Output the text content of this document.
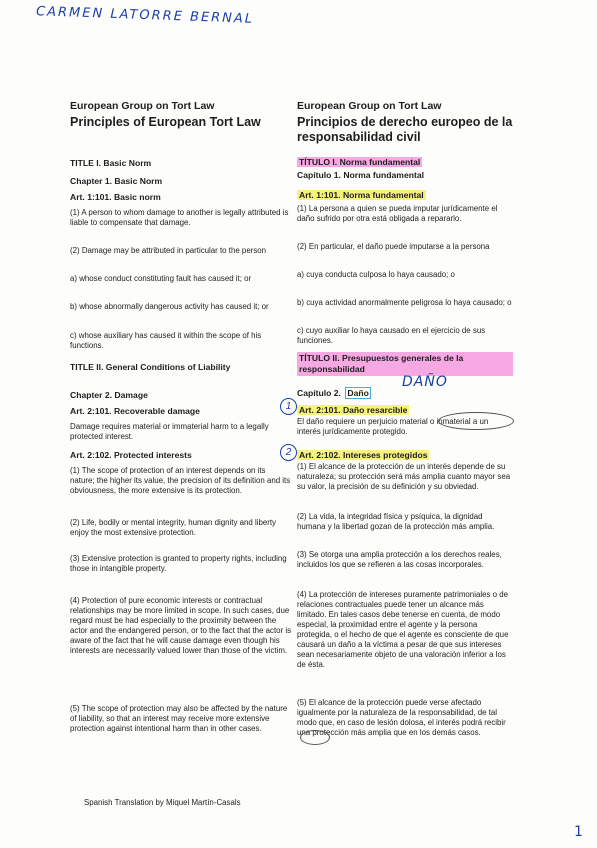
CARMEN LATORRE BERNAL
European Group on Tort Law
Principles of European Tort Law
TITLE I. Basic Norm
Chapter 1. Basic Norm
Art. 1:101. Basic norm
(1) A person to whom damage to another is legally attributed is liable to compensate that damage.
(2) Damage may be attributed in particular to the person
a) whose conduct constituting fault has caused it; or
b) whose abnormally dangerous activity has caused it; or
c) whose auxiliary has caused it within the scope of his functions.
TITLE II. General Conditions of Liability
Chapter 2. Damage
Art. 2:101. Recoverable damage
Damage requires material or immaterial harm to a legally protected interest.
Art. 2:102. Protected interests
(1) The scope of protection of an interest depends on its nature; the higher its value, the precision of its definition and its obviousness, the more extensive is its protection.
(2) Life, bodily or mental integrity, human dignity and liberty enjoy the most extensive protection.
(3) Extensive protection is granted to property rights, including those in intangible property.
(4) Protection of pure economic interests or contractual relationships may be more limited in scope. In such cases, due regard must be had especially to the proximity between the actor and the endangered person, or to the fact that the actor is aware of the fact that he will cause damage even though his interests are necessarily valued lower than those of the victim.
(5) The scope of protection may also be affected by the nature of liability, so that an interest may receive more extensive protection against intentional harm than in other cases.
European Group on Tort Law
Principios de derecho europeo de la responsabilidad civil
TÍTULO I. Norma fundamental
Capítulo 1. Norma fundamental
Art. 1:101. Norma fundamental
(1) La persona a quien se pueda imputar jurídicamente el daño sufrido por otra está obligada a repararlo.
(2) En particular, el daño puede imputarse a la persona
a) cuya conducta culposa lo haya causado; o
b) cuya actividad anormalmente peligrosa lo haya causado; o
c) cuyo auxiliar lo haya causado en el ejercicio de sus funciones.
TÍTULO II. Presupuestos generales de la responsabilidad
Capítulo 2. Daño
Art. 2:101. Daño resarcible
El daño requiere un perjuicio material o inmaterial a un interés jurídicamente protegido.
Art. 2:102. Intereses protegidos
(1) El alcance de la protección de un interés depende de su naturaleza; su protección será más amplia cuanto mayor sea su valor, la precisión de su definición y su obviedad.
(2) La vida, la integridad física y psíquica, la dignidad humana y la libertad gozan de la protección más amplia.
(3) Se otorga una amplia protección a los derechos reales, incluidos los que se refieren a las cosas incorporales.
(4) La protección de intereses puramente patrimoniales o de relaciones contractuales puede tener un alcance más limitado. En tales casos debe tenerse en cuenta, de modo especial, la proximidad entre el agente y la persona protegida, o el hecho de que el agente es consciente de que causará un daño a la víctima a pesar de que sus intereses sean necesariamente objeto de una valoración inferior a los de ésta.
(5) El alcance de la protección puede verse afectado igualmente por la naturaleza de la responsabilidad, de tal modo que, en caso de lesión dolosa, el interés podrá recibir una protección más amplia que en los demás casos.
DAÑO
1
2
Spanish Translation by Miquel Martín-Casals
1
